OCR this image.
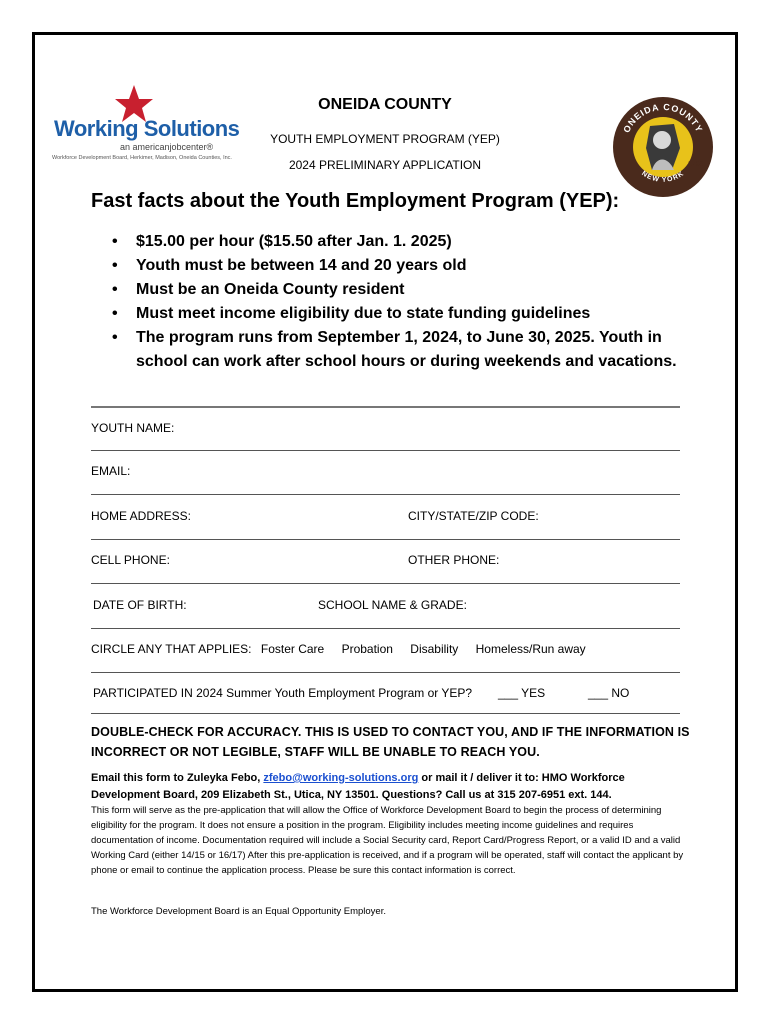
Working Solutions
an americanjobcenter®
Workforce Development Board, Herkimer, Madison, Oneida Counties, Inc.
ONEIDA COUNTY
YOUTH EMPLOYMENT PROGRAM (YEP)
2024 PRELIMINARY APPLICATION
ONEIDA COUNTY
NEW YORK
1798
Fast facts about the Youth Employment Program (YEP):
• $15.00 per hour ($15.50 after Jan. 1. 2025)
• Youth must be between 14 and 20 years old
• Must be an Oneida County resident
• Must meet income eligibility due to state funding guidelines
• The program runs from September 1, 2024, to June 30, 2025. Youth in school can work after school hours or during weekends and vacations.
YOUTH NAME:
EMAIL:
HOME ADDRESS:	CITY/STATE/ZIP CODE:
CELL PHONE:	OTHER PHONE:
DATE OF BIRTH:	SCHOOL NAME & GRADE:
CIRCLE ANY THAT APPLIES: Foster Care Probation Disability Homeless/Run away
PARTICIPATED IN 2024 Summer Youth Employment Program or YEP? ___ YES	___ NO
DOUBLE-CHECK FOR ACCURACY. THIS IS USED TO CONTACT YOU, AND IF THE INFORMATION IS INCORRECT OR NOT LEGIBLE, STAFF WILL BE UNABLE TO REACH YOU.
Email this form to Zuleyka Febo, zfebo@working-solutions.org or mail it / deliver it to: HMO Workforce Development Board, 209 Elizabeth St., Utica, NY 13501. Questions? Call us at 315 207-6951 ext. 144.
This form will serve as the pre-application that will allow the Office of Workforce Development Board to begin the process of determining eligibility for the program. It does not ensure a position in the program. Eligibility includes meeting income guidelines and requires documentation of income. Documentation required will include a Social Security card, Report Card/Progress Report, or a valid ID and a valid Working Card (either 14/15 or 16/17) After this pre-application is received, and if a program will be operated, staff will contact the applicant by phone or email to continue the application process. Please be sure this contact information is correct.
The Workforce Development Board is an Equal Opportunity Employer.
